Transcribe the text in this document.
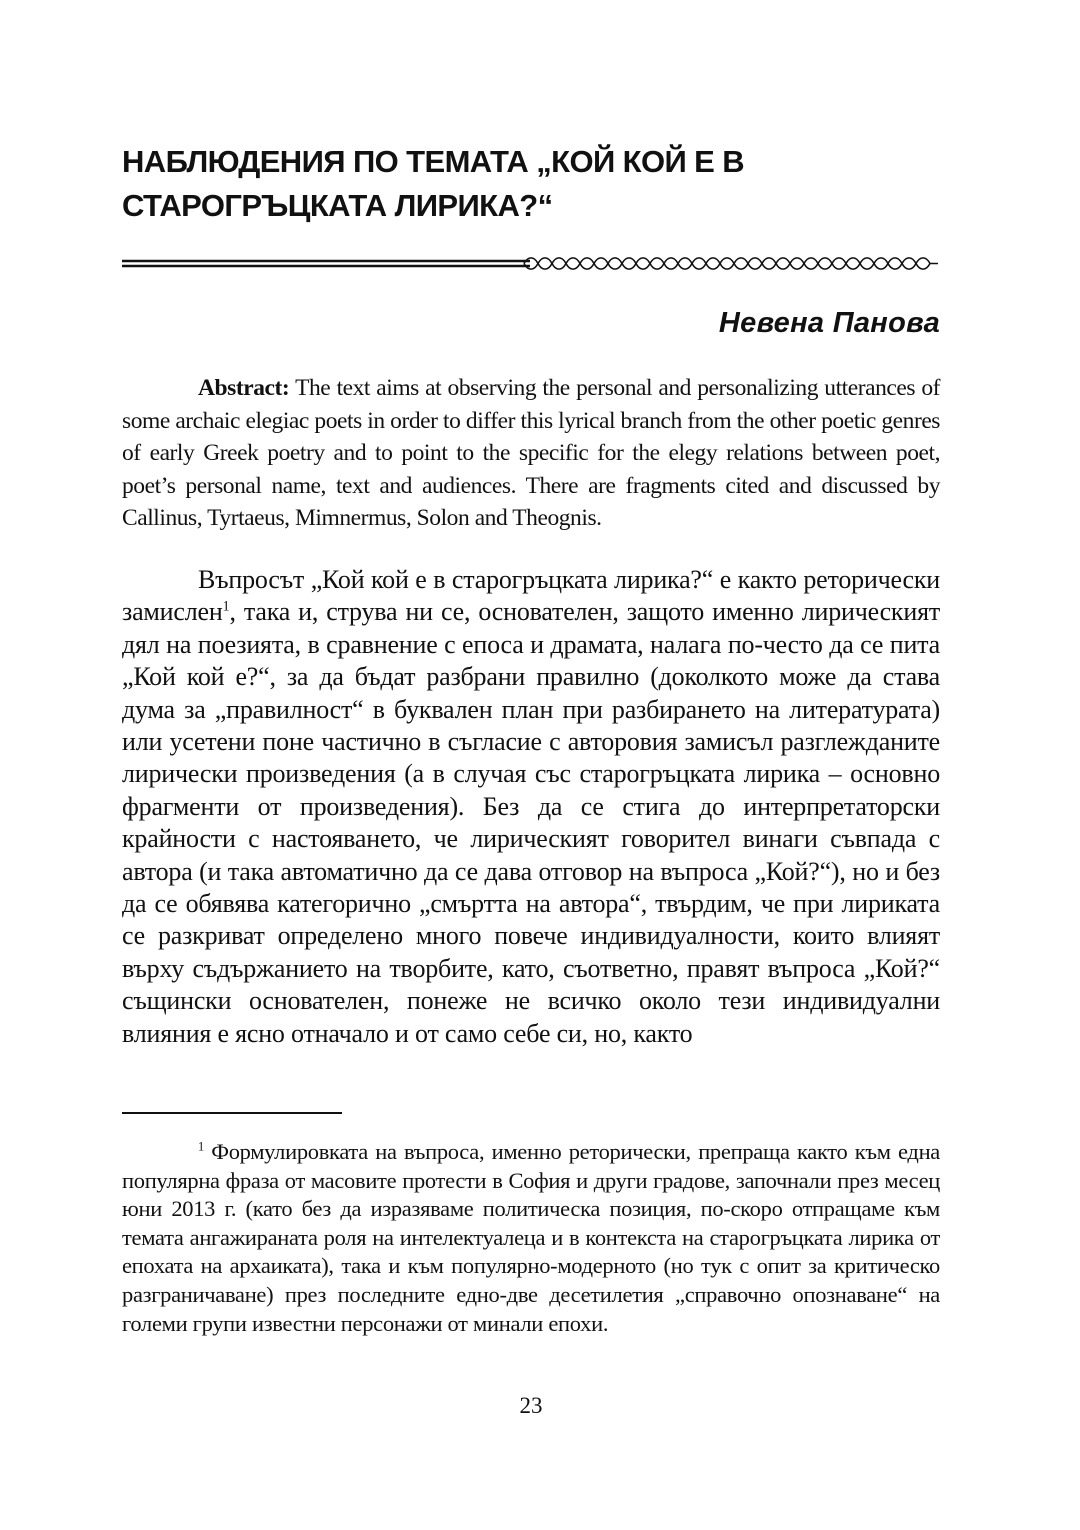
НАБЛЮДЕНИЯ ПО ТЕМАТА „КОЙ КОЙ Е В
СТАРОГРЪЦКАТА ЛИРИКА?“
Невена Панова

Abstract: The text aims at observing the personal and personalizing utterances of some archaic elegiac poets in order to differ this lyrical branch from the other poetic genres of early Greek poetry and to point to the specific for the elegy relations between poet, poet’s personal name, text and audiences. There are fragments cited and discussed by Callinus, Tyrtaeus, Mimnermus, Solon and Theognis.

Въпросът „Кой кой е в старогръцката лирика?“ е както реторически замислен$^1$, така и, струва ни се, основателен, защото именно лирическият дял на поезията, в сравнение с епоса и драмата, налага по-често да се пита „Кой кой е?“, за да бъдат разбрани правилно (доколкото може да става дума за „правилност“ в буквален план при разбирането на литературата) или усетени поне частично в съгласие с авторовия замисъл разглежданите лирически произведения (а в случая със старогръцката лирика – основно фрагменти от произведения). Без да се стига до интерпретаторски крайности с настояването, че лирическият говорител винаги съвпада с автора (и така автоматично да се дава отговор на въпроса „Кой?“), но и без да се обявява категорично „смъртта на автора“, твърдим, че при лириката се разкриват определено много повече индивидуалности, които влияят върху съдържанието на творбите, като, съответно, правят въпроса „Кой?“ същински основателен, понеже не всичко около тези индивидуални влияния е ясно отначало и от само себе си, но, както

$^1$ Формулировката на въпроса, именно реторически, препраща както към една популярна фраза от масовите протести в София и други градове, започнали през месец юни 2013 г. (като без да изразяваме политическа позиция, по-скоро отпращаме към темата ангажираната роля на интелектуалеца и в контекста на старогръцката лирика от епохата на архаиката), така и към популярно-модерното (но тук с опит за критическо разграничаване) през последните едно-две десетилетия „справочно опознаване“ на големи групи известни персонажи от минали епохи.

23
